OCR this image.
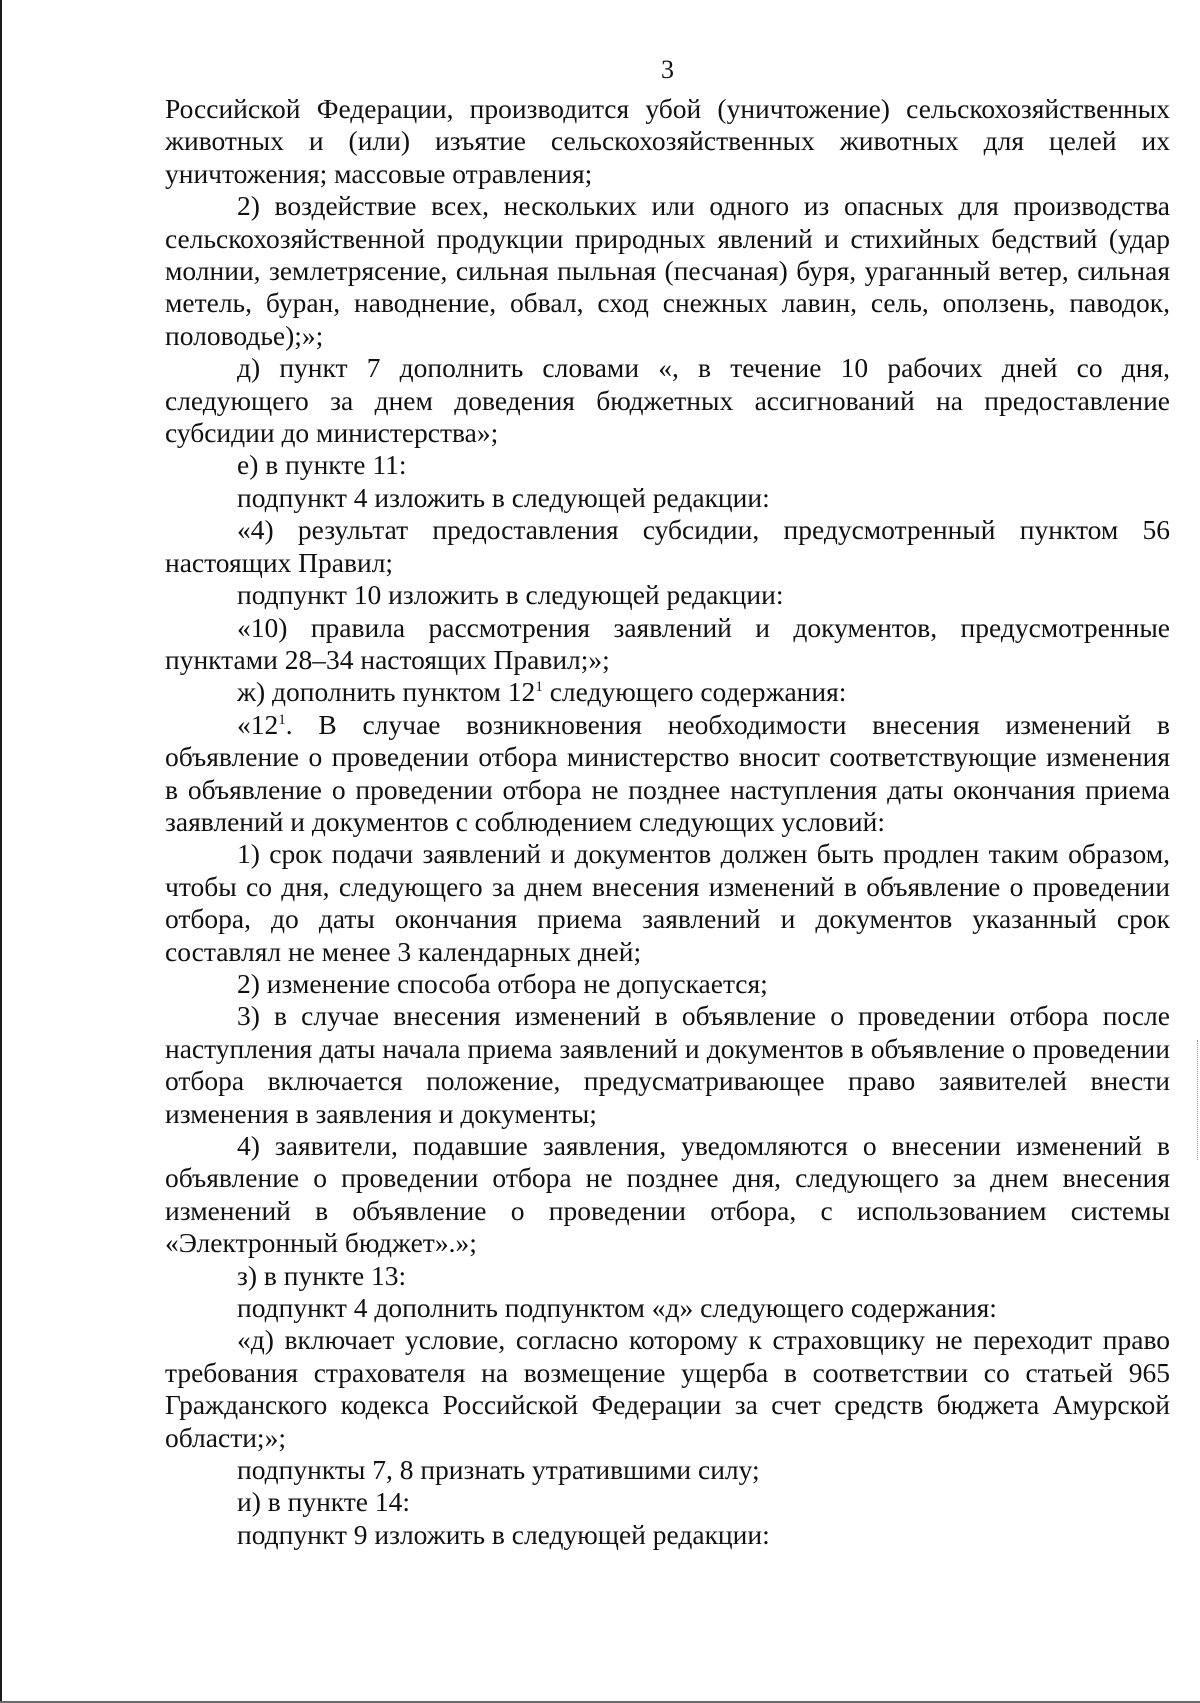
3

Российской Федерации, производится убой (уничтожение) сельскохозяйственных животных и (или) изъятие сельскохозяйственных животных для целей их уничтожения; массовые отравления;

2) воздействие всех, нескольких или одного из опасных для производства сельскохозяйственной продукции природных явлений и стихийных бедствий (удар молнии, землетрясение, сильная пыльная (песчаная) буря, ураганный ветер, сильная метель, буран, наводнение, обвал, сход снежных лавин, сель, оползень, паводок, половодье);»;

д) пункт 7 дополнить словами «, в течение 10 рабочих дней со дня, следующего за днем доведения бюджетных ассигнований на предоставление субсидии до министерства»;

е) в пункте 11:

подпункт 4 изложить в следующей редакции:

«4) результат предоставления субсидии, предусмотренный пунктом 56 настоящих Правил;

подпункт 10 изложить в следующей редакции:

«10) правила рассмотрения заявлений и документов, предусмотренные пунктами 28–34 настоящих Правил;»;

ж) дополнить пунктом $12^1$ следующего содержания:

«$12^1$. В случае возникновения необходимости внесения изменений в объявление о проведении отбора министерство вносит соответствующие изменения в объявление о проведении отбора не позднее наступления даты окончания приема заявлений и документов с соблюдением следующих условий:

1) срок подачи заявлений и документов должен быть продлен таким образом, чтобы со дня, следующего за днем внесения изменений в объявление о проведении отбора, до даты окончания приема заявлений и документов указанный срок составлял не менее 3 календарных дней;

2) изменение способа отбора не допускается;

3) в случае внесения изменений в объявление о проведении отбора после наступления даты начала приема заявлений и документов в объявление о проведении отбора включается положение, предусматривающее право заявителей внести изменения в заявления и документы;

4) заявители, подавшие заявления, уведомляются о внесении изменений в объявление о проведении отбора не позднее дня, следующего за днем внесения изменений в объявление о проведении отбора, с использованием системы «Электронный бюджет».»;

з) в пункте 13:

подпункт 4 дополнить подпунктом «д» следующего содержания:

«д) включает условие, согласно которому к страховщику не переходит право требования страхователя на возмещение ущерба в соответствии со статьей 965 Гражданского кодекса Российской Федерации за счет средств бюджета Амурской области;»;

подпункты 7, 8 признать утратившими силу;

и) в пункте 14:

подпункт 9 изложить в следующей редакции:
